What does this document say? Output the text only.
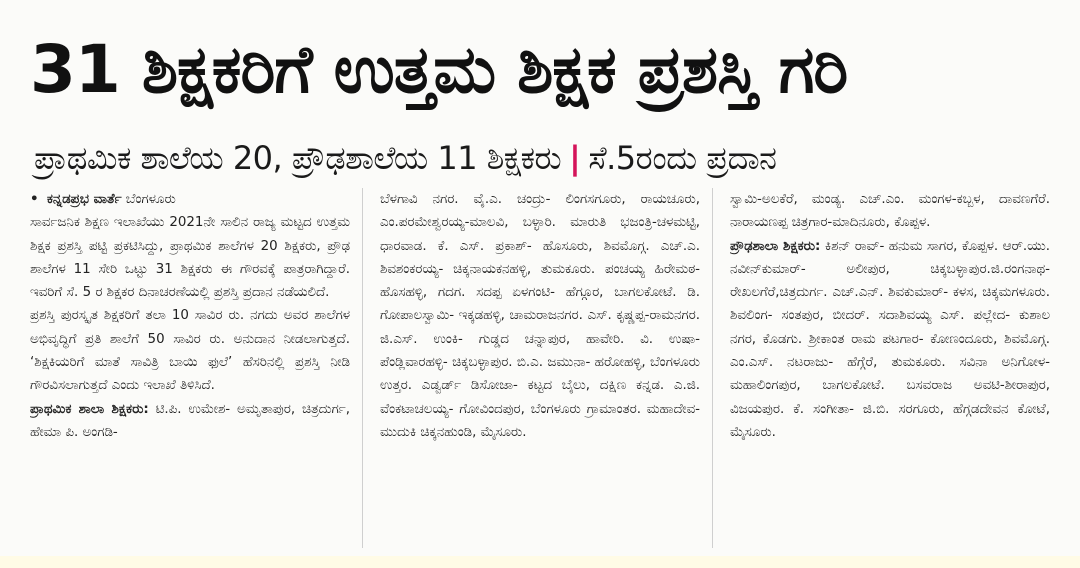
31 ಶಿಕ್ಷಕರಿಗೆ ಉತ್ತಮ ಶಿಕ್ಷಕ ಪ್ರಶಸ್ತಿ ಗರಿ
ಪ್ರಾಥಮಿಕ ಶಾಲೆಯ 20, ಪ್ರೌಢಶಾಲೆಯ 11 ಶಿಕ್ಷಕರು | ಸೆ.5ರಂದು ಪ್ರದಾನ

• ಕನ್ನಡಪ್ರಭ ವಾರ್ತೆ ಬೆಂಗಳೂರು

ಸಾರ್ವಜನಿಕ ಶಿಕ್ಷಣ ಇಲಾಖೆಯು 2021ನೇ ಸಾಲಿನ ರಾಜ್ಯ ಮಟ್ಟದ ಉತ್ತಮ ಶಿಕ್ಷಕ ಪ್ರಶಸ್ತಿ ಪಟ್ಟಿ ಪ್ರಕಟಿಸಿದ್ದು, ಪ್ರಾಥಮಿಕ ಶಾಲೆಗಳ 20 ಶಿಕ್ಷಕರು, ಪ್ರೌಢ ಶಾಲೆಗಳ 11 ಸೇರಿ ಒಟ್ಟು 31 ಶಿಕ್ಷಕರು ಈ ಗೌರವಕ್ಕೆ ಪಾತ್ರರಾಗಿದ್ದಾರೆ. ಇವರಿಗೆ ಸೆ. 5 ರ ಶಿಕ್ಷಕರ ದಿನಾಚರಣೆಯಲ್ಲಿ ಪ್ರಶಸ್ತಿ ಪ್ರದಾನ ನಡೆಯಲಿದೆ.

ಪ್ರಶಸ್ತಿ ಪುರಸ್ಕೃತ ಶಿಕ್ಷಕರಿಗೆ ತಲಾ 10 ಸಾವಿರ ರು. ನಗದು ಅವರ ಶಾಲೆಗಳ ಅಭಿವೃದ್ಧಿಗೆ ಪ್ರತಿ ಶಾಲೆಗೆ 50 ಸಾವಿರ ರು. ಅನುದಾನ ನೀಡಲಾಗುತ್ತದೆ. ‘ಶಿಕ್ಷಕಿಯರಿಗೆ ಮಾತೆ ಸಾವಿತ್ರಿ ಬಾಯಿ ಫುಲೆ’ ಹೆಸರಿನಲ್ಲಿ ಪ್ರಶಸ್ತಿ ನೀಡಿ ಗೌರವಿಸಲಾಗುತ್ತದೆ ಎಂದು ಇಲಾಖೆ ತಿಳಿಸಿದೆ.

ಪ್ರಾಥಮಿಕ ಶಾಲಾ ಶಿಕ್ಷಕರು: ಟಿ.ಪಿ. ಉಮೇಶ- ಅಮೃತಾಪುರ, ಚಿತ್ರದುರ್ಗ, ಹೇಮಾ ಪಿ. ಅಂಗಡಿ-

ಬೆಳಗಾವಿ ನಗರ. ವೈ.ಎ. ಚಂದ್ರು- ಲಿಂಗಸಗೂರು, ರಾಯಚೂರು, ಎಂ.ಪರಮೇಶ್ವರಯ್ಯ-ಮಾಲವಿ, ಬಳ್ಳಾರಿ. ಮಾರುತಿ ಭಜಂತ್ರಿ-ಚಳಮಟ್ಟಿ, ಧಾರವಾಡ. ಕೆ. ಎಸ್. ಪ್ರಕಾಶ್- ಹೊಸೂರು, ಶಿವಮೊಗ್ಗ. ಎಚ್.ಎ. ಶಿವಶಂಕರಯ್ಯ- ಚಿಕ್ಕನಾಯಕನಹಳ್ಳಿ, ತುಮಕೂರು. ಪಂಚಯ್ಯ ಹಿರೇಮಠ- ಹೊಸಹಳ್ಳಿ, ಗದಗ. ಸದಪ್ಪ ಏಳಗಂಟಿ- ಹೆಗ್ಗೂರ, ಬಾಗಲಕೋಟೆ. ಡಿ. ಗೋಪಾಲಸ್ವಾಮಿ- ಇಕ್ಕಡಹಳ್ಳಿ, ಚಾಮರಾಜನಗರ. ಎಸ್. ಕೃಷ್ಣಪ್ಪ-ರಾಮನಗರ. ಜಿ.ಎಸ್. ಉಂಕಿ- ಗುಡ್ಡದ ಚನ್ನಾಪುರ, ಹಾವೇರಿ. ವಿ. ಉಷಾ- ಪೆಂಡ್ಲಿವಾರಹಳ್ಳಿ- ಚಿಕ್ಕಬಳ್ಳಾಪುರ. ಬಿ.ಎ. ಜಮುನಾ- ಹರೋಹಳ್ಳಿ, ಬೆಂಗಳೂರು ಉತ್ತರ. ಎಡ್ವರ್ಡ್ ಡಿಸೋಜಾ- ಕಟ್ಟದ ಬೈಲು, ದಕ್ಷಿಣ ಕನ್ನಡ. ಎ.ಜಿ. ವೆಂಕಟಾಚಲಯ್ಯ- ಗೋವಿಂದಪುರ, ಬೆಂಗಳೂರು ಗ್ರಾಮಾಂತರ. ಮಹಾದೇವ-ಮುದುಕಿ ಚಿಕ್ಕನಹುಂಡಿ, ಮೈಸೂರು.

ಸ್ವಾಮಿ-ಅಲಕೆರೆ, ಮಂಡ್ಯ. ಎಚ್.ಎಂ. ಮಂಗಳ-ಕಬ್ಬಳ, ದಾವಣಗೆರೆ. ನಾರಾಯಣಪ್ಪ ಚಿತ್ರಗಾರ-ಮಾದಿನೂರು, ಕೊಪ್ಪಳ.

ಪ್ರೌಢಶಾಲಾ ಶಿಕ್ಷಕರು: ಕಿಶನ್ ರಾವ್- ಹನುಮ ಸಾಗರ, ಕೊಪ್ಪಳ. ಆರ್.ಯು. ನವೀನ್‌ಕುಮಾರ್- ಅಲೀಪುರ, ಚಿಕ್ಕಬಳ್ಳಾಪುರ.ಜಿ.ರಂಗನಾಥ-ರೇಖಲಗೆರೆ,ಚಿತ್ರದುರ್ಗ. ಎಚ್.ಎನ್. ಶಿವಕುಮಾರ್- ಕಳಸ, ಚಿಕ್ಕಮಗಳೂರು. ಶಿವಲಿಂಗ- ಸಂತಪುರ, ಬೀದರ್. ಸದಾಶಿವಯ್ಯ ಎಸ್. ಪಲ್ಲೇದ- ಕುಶಾಲ ನಗರ, ಕೊಡಗು. ಶ್ರೀಕಾಂತ ರಾಮ ಪಟಗಾರ- ಕೋಣಂದೂರು, ಶಿವಮೊಗ್ಗ. ಎಂ.ಎಸ್. ನಟರಾಜು- ಹೆಗ್ಗೆರೆ, ತುಮಕೂರು. ಸವಿನಾ ಅನಿಗೋಳ-ಮಹಾಲಿಂಗಪುರ, ಬಾಗಲಕೋಟೆ. ಬಸವರಾಜ ಅವಟಿ-ಶೀರಾಪುರ, ವಿಜಯಪುರ. ಕೆ. ಸಂಗೀತಾ- ಜಿ.ಬಿ. ಸರಗೂರು, ಹೆಗ್ಗಡದೇವನ ಕೋಟೆ, ಮೈಸೂರು.
